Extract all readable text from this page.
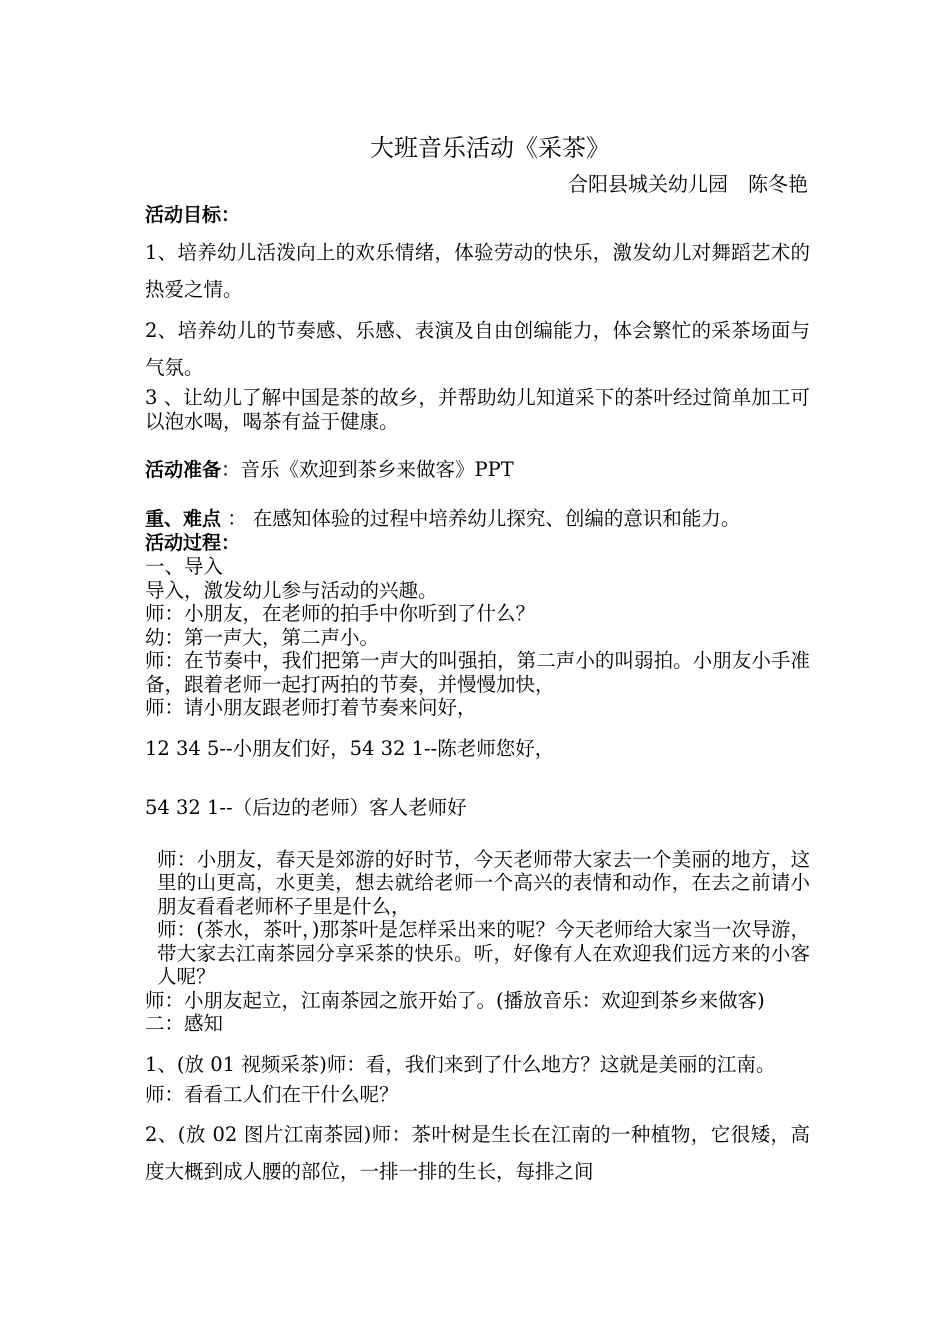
大班音乐活动《采茶》

合阳县城关幼儿园　陈冬艳

活动目标：

1、培养幼儿活泼向上的欢乐情绪，体验劳动的快乐，激发幼儿对舞蹈艺术的热爱之情。

2、培养幼儿的节奏感、乐感、表演及自由创编能力，体会繁忙的采茶场面与气氛。

3 、让幼儿了解中国是茶的故乡，并帮助幼儿知道采下的茶叶经过简单加工可以泡水喝，喝茶有益于健康。

活动准备：音乐《欢迎到茶乡来做客》PPT

重、难点 ： 在感知体验的过程中培养幼儿探究、创编的意识和能力。

活动过程：

一、导入

导入，激发幼儿参与活动的兴趣。

师：小朋友，在老师的拍手中你听到了什么？

幼：第一声大，第二声小。

师：在节奏中，我们把第一声大的叫强拍，第二声小的叫弱拍。小朋友小手准备，跟着老师一起打两拍的节奏，并慢慢加快，

师：请小朋友跟老师打着节奏来问好，

12 34 5--小朋友们好，54 32 1--陈老师您好，

54 32 1--（后边的老师）客人老师好

师：小朋友，春天是郊游的好时节，今天老师带大家去一个美丽的地方，这里的山更高，水更美，想去就给老师一个高兴的表情和动作，在去之前请小朋友看看老师杯子里是什么，

师：(茶水，茶叶，)那茶叶是怎样采出来的呢？今天老师给大家当一次导游，带大家去江南茶园分享采茶的快乐。听，好像有人在欢迎我们远方来的小客人呢？

师：小朋友起立，江南茶园之旅开始了。(播放音乐：欢迎到茶乡来做客)

二：感知

1、(放 01 视频采茶)师：看，我们来到了什么地方？这就是美丽的江南。

师：看看工人们在干什么呢？

2、(放 02 图片江南茶园)师：茶叶树是生长在江南的一种植物，它很矮，高度大概到成人腰的部位，一排一排的生长，每排之间
